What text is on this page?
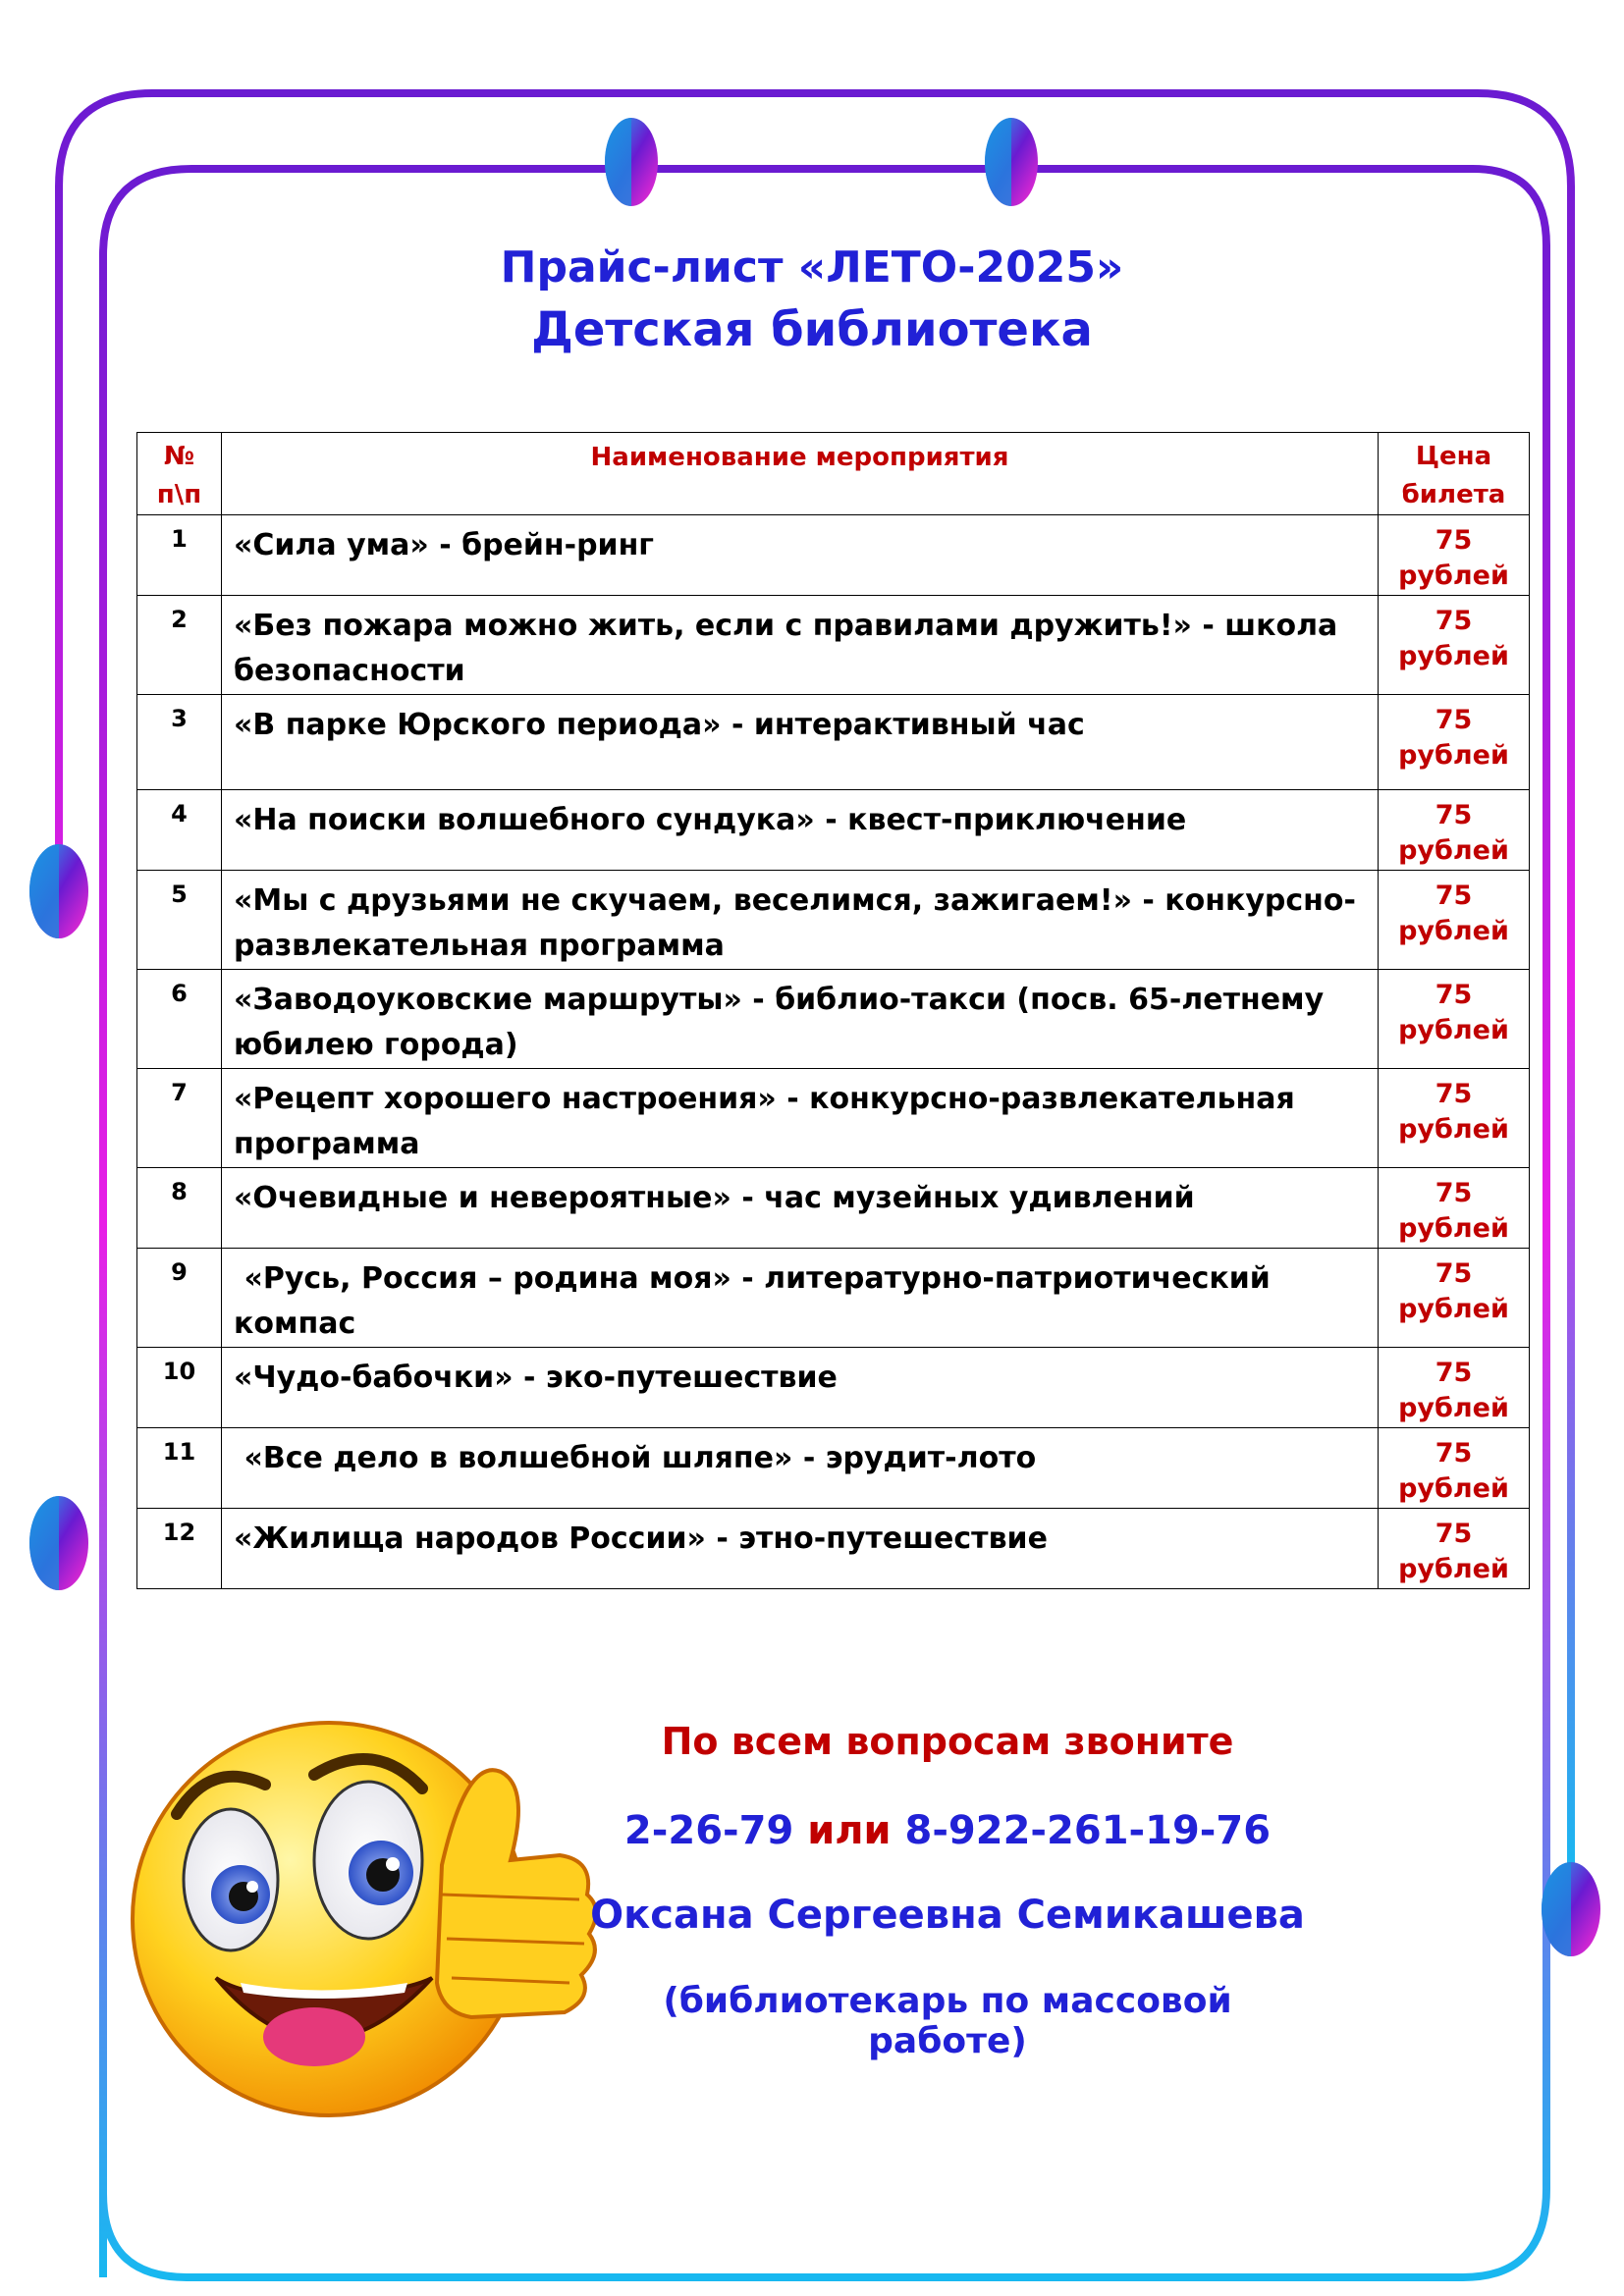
Прайс-лист «ЛЕТО-2025»
Детская библиотека
№ п\п	Наименование мероприятия	Цена билета

1	«Сила ума» - брейн-ринг	75 рублей

2	«Без пожара можно жить, если с правилами дружить!» - школа безопасности	75 рублей

3	«В парке Юрского периода» - интерактивный час	75 рублей

4	«На поиски волшебного сундука» - квест-приключение	75 рублей

5	«Мы с друзьями не скучаем, веселимся, зажигаем!» - конкурсно-развлекательная программа	75 рублей

6	«Заводоуковские маршруты» - библио-такси (посв. 65-летнему юбилею города)	75 рублей

7	«Рецепт хорошего настроения» - конкурсно-развлекательная программа	75 рублей

8	«Очевидные и невероятные» - час музейных удивлений	75 рублей

9	«Русь, Россия – родина моя» - литературно-патриотический компас	75 рублей

10	«Чудо-бабочки» - эко-путешествие	75 рублей

11	«Все дело в волшебной шляпе» - эрудит-лото	75 рублей

12	«Жилища народов России» - этно-путешествие	75 рублей
По всем вопросам звоните
2-26-79 или 8-922-261-19-76
Оксана Сергеевна Семикашева
(библиотекарь по массовой работе)
